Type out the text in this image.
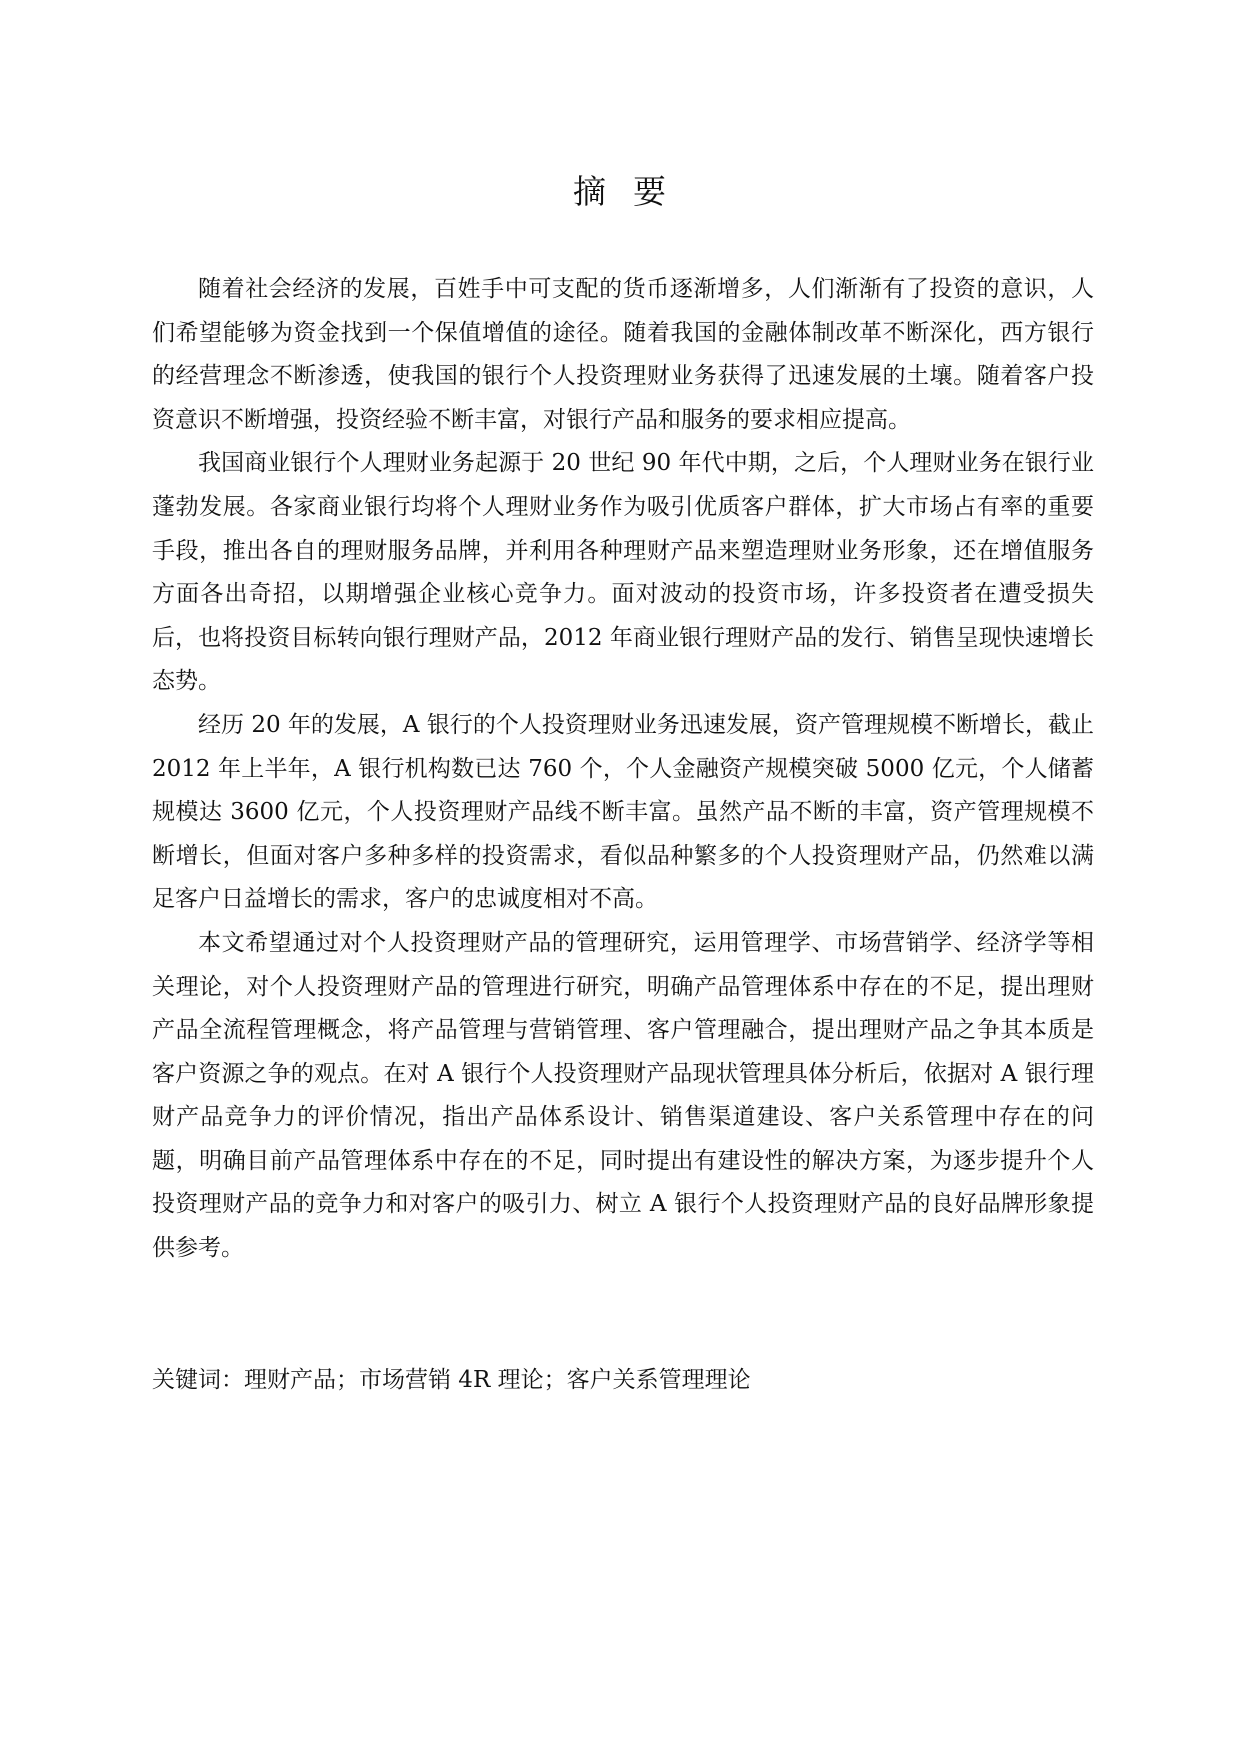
摘  要

随着社会经济的发展，百姓手中可支配的货币逐渐增多，人们渐渐有了投资的意识，人们希望能够为资金找到一个保值增值的途径。随着我国的金融体制改革不断深化，西方银行的经营理念不断渗透，使我国的银行个人投资理财业务获得了迅速发展的土壤。随着客户投资意识不断增强，投资经验不断丰富，对银行产品和服务的要求相应提高。

我国商业银行个人理财业务起源于 20 世纪 90 年代中期，之后，个人理财业务在银行业蓬勃发展。各家商业银行均将个人理财业务作为吸引优质客户群体，扩大市场占有率的重要手段，推出各自的理财服务品牌，并利用各种理财产品来塑造理财业务形象，还在增值服务方面各出奇招，以期增强企业核心竞争力。面对波动的投资市场，许多投资者在遭受损失后，也将投资目标转向银行理财产品，2012 年商业银行理财产品的发行、销售呈现快速增长态势。

经历 20 年的发展，A 银行的个人投资理财业务迅速发展，资产管理规模不断增长，截止 2012 年上半年，A 银行机构数已达 760 个，个人金融资产规模突破 5000 亿元，个人储蓄规模达 3600 亿元，个人投资理财产品线不断丰富。虽然产品不断的丰富，资产管理规模不断增长，但面对客户多种多样的投资需求，看似品种繁多的个人投资理财产品，仍然难以满足客户日益增长的需求，客户的忠诚度相对不高。

本文希望通过对个人投资理财产品的管理研究，运用管理学、市场营销学、经济学等相关理论，对个人投资理财产品的管理进行研究，明确产品管理体系中存在的不足，提出理财产品全流程管理概念，将产品管理与营销管理、客户管理融合，提出理财产品之争其本质是客户资源之争的观点。在对 A 银行个人投资理财产品现状管理具体分析后，依据对 A 银行理财产品竞争力的评价情况，指出产品体系设计、销售渠道建设、客户关系管理中存在的问题，明确目前产品管理体系中存在的不足，同时提出有建设性的解决方案，为逐步提升个人投资理财产品的竞争力和对客户的吸引力、树立 A 银行个人投资理财产品的良好品牌形象提供参考。

关键词：理财产品；市场营销 4R 理论；客户关系管理理论
